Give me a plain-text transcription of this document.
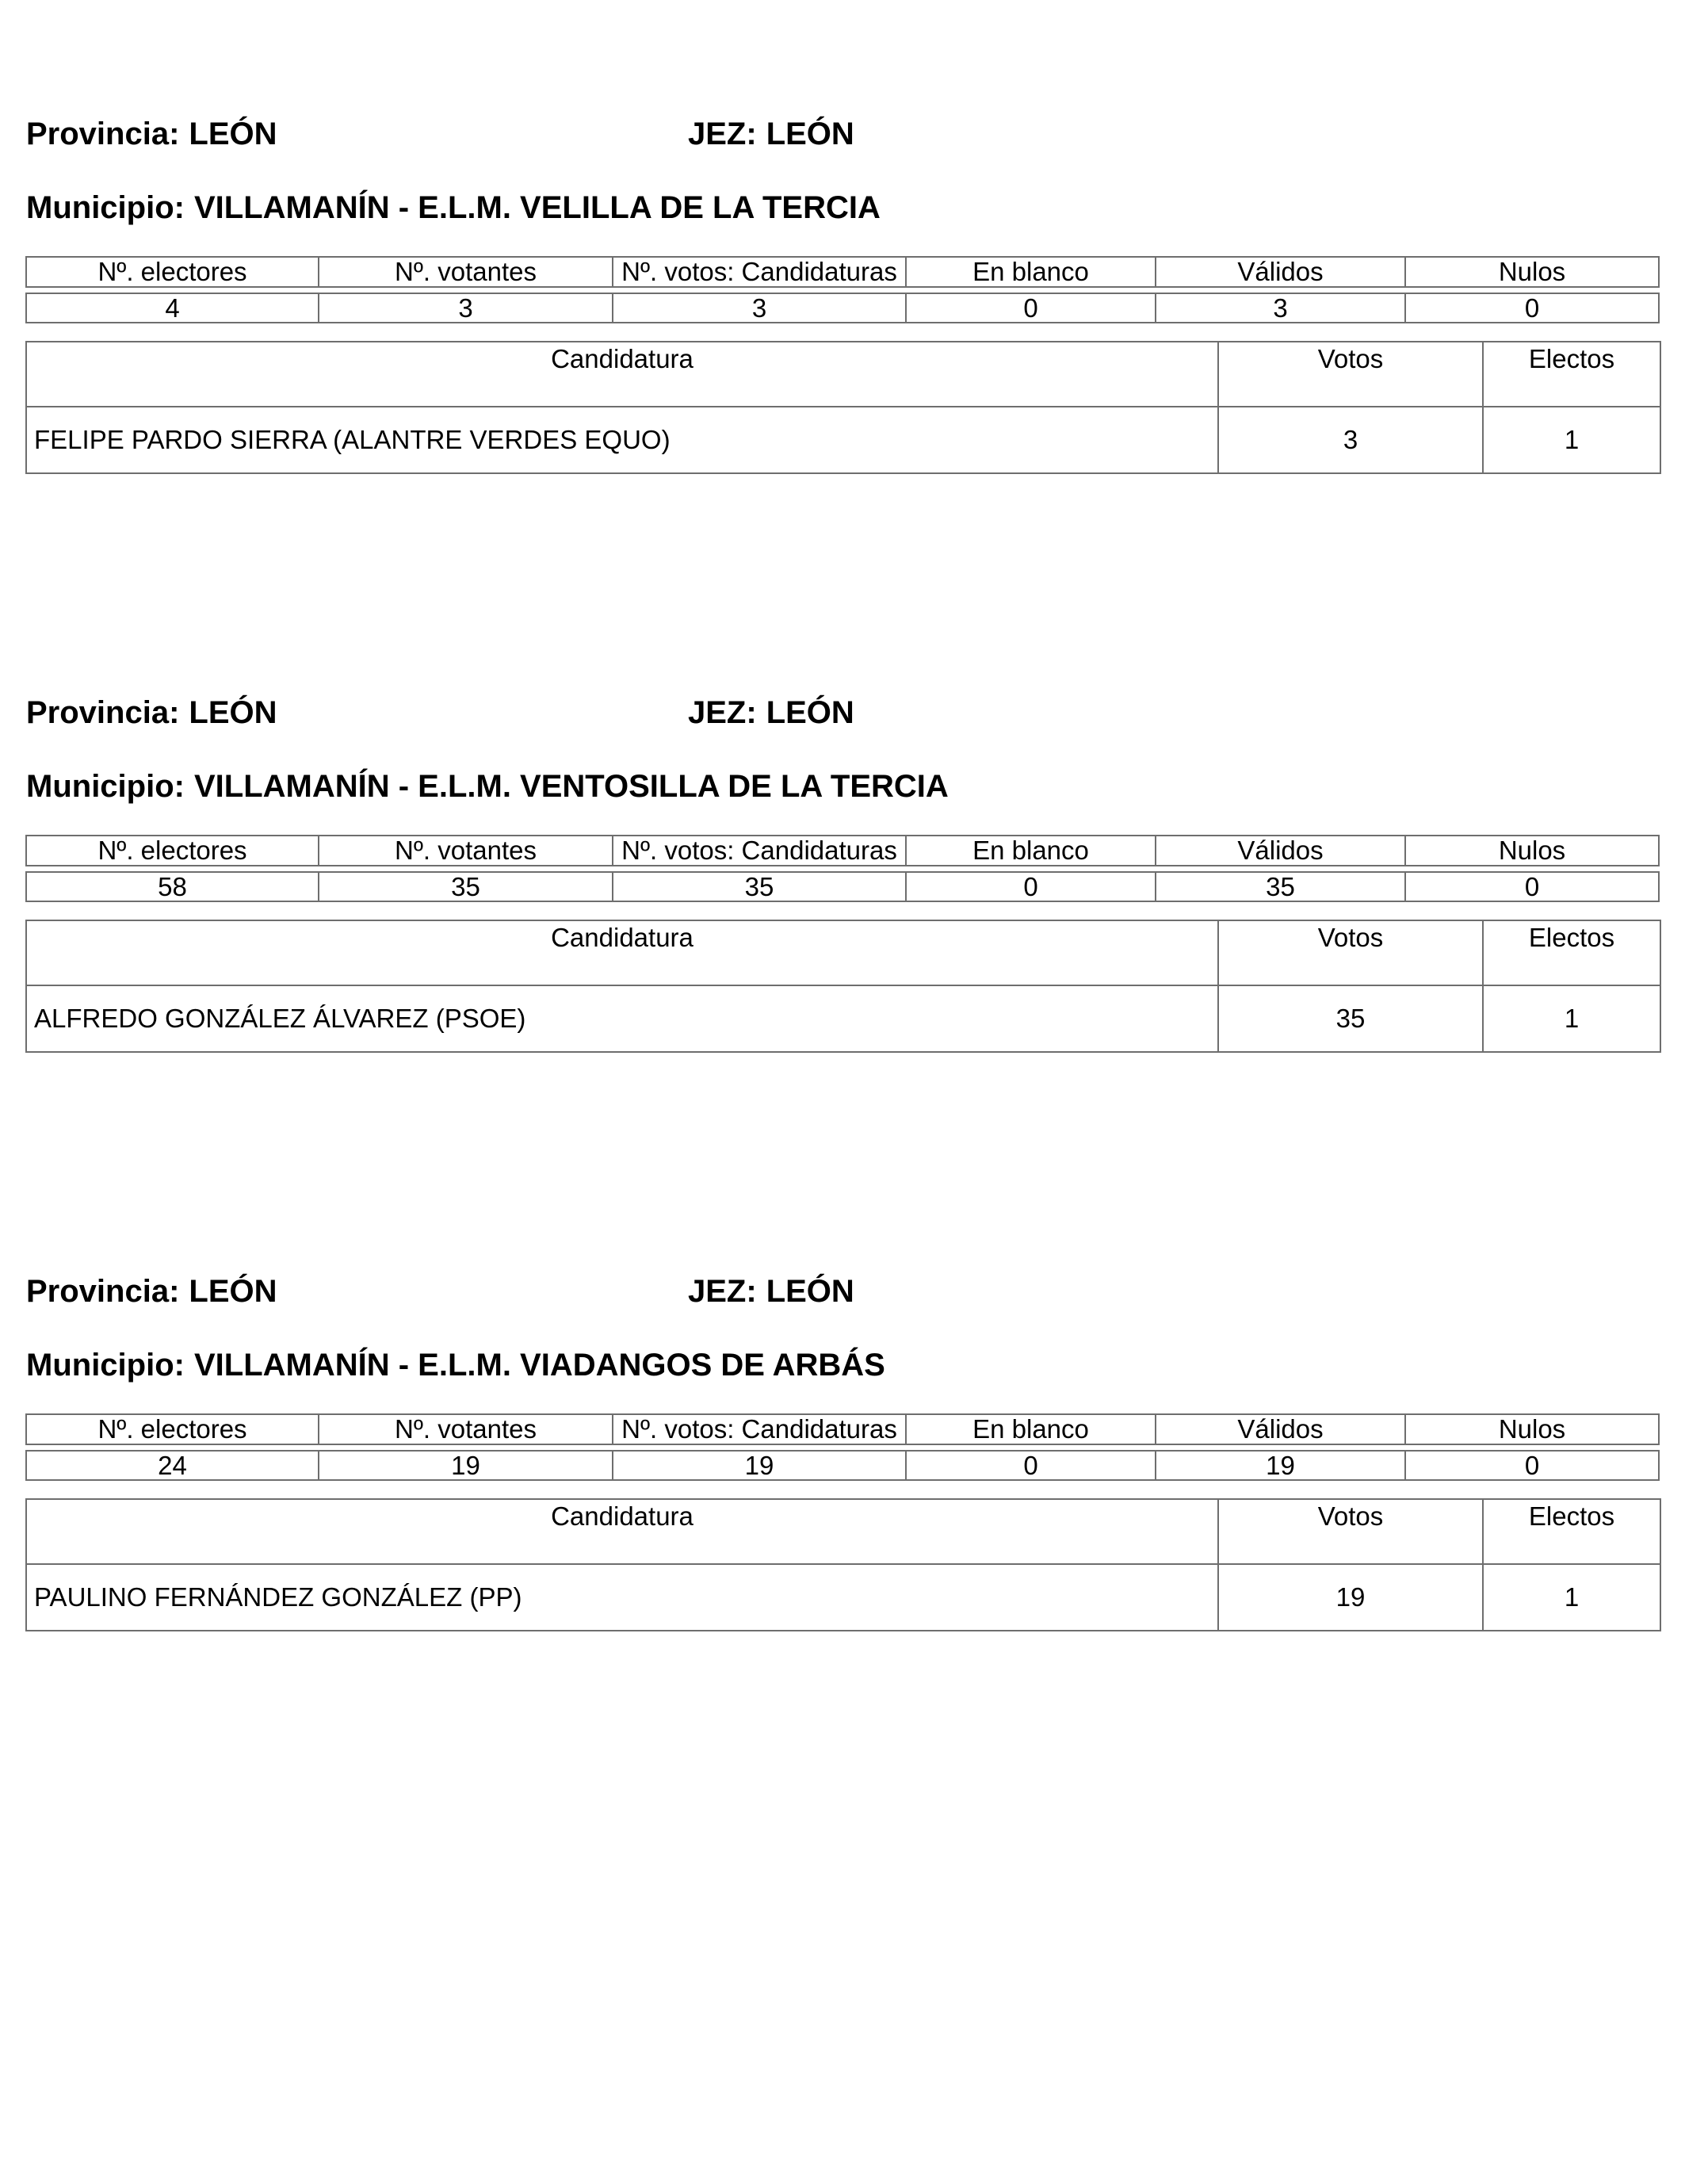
Provincia: LEÓN	JEZ: LEÓN
Municipio: VILLAMANÍN - E.L.M. VELILLA DE LA TERCIA
Nº. electores	Nº. votantes	Nº. votos: Candidaturas	En blanco	Válidos	Nulos

4	3	3	0	3	0
Candidatura	Votos	Electos
FELIPE PARDO SIERRA (ALANTRE VERDES EQUO)	3	1
Provincia: LEÓN	JEZ: LEÓN
Municipio: VILLAMANÍN - E.L.M. VENTOSILLA DE LA TERCIA
Nº. electores	Nº. votantes	Nº. votos: Candidaturas	En blanco	Válidos	Nulos

58	35	35	0	35	0
Candidatura	Votos	Electos
ALFREDO GONZÁLEZ ÁLVAREZ (PSOE)	35	1
Provincia: LEÓN	JEZ: LEÓN
Municipio: VILLAMANÍN - E.L.M. VIADANGOS DE ARBÁS
Nº. electores	Nº. votantes	Nº. votos: Candidaturas	En blanco	Válidos	Nulos

24	19	19	0	19	0
Candidatura	Votos	Electos
PAULINO FERNÁNDEZ GONZÁLEZ (PP)	19	1
